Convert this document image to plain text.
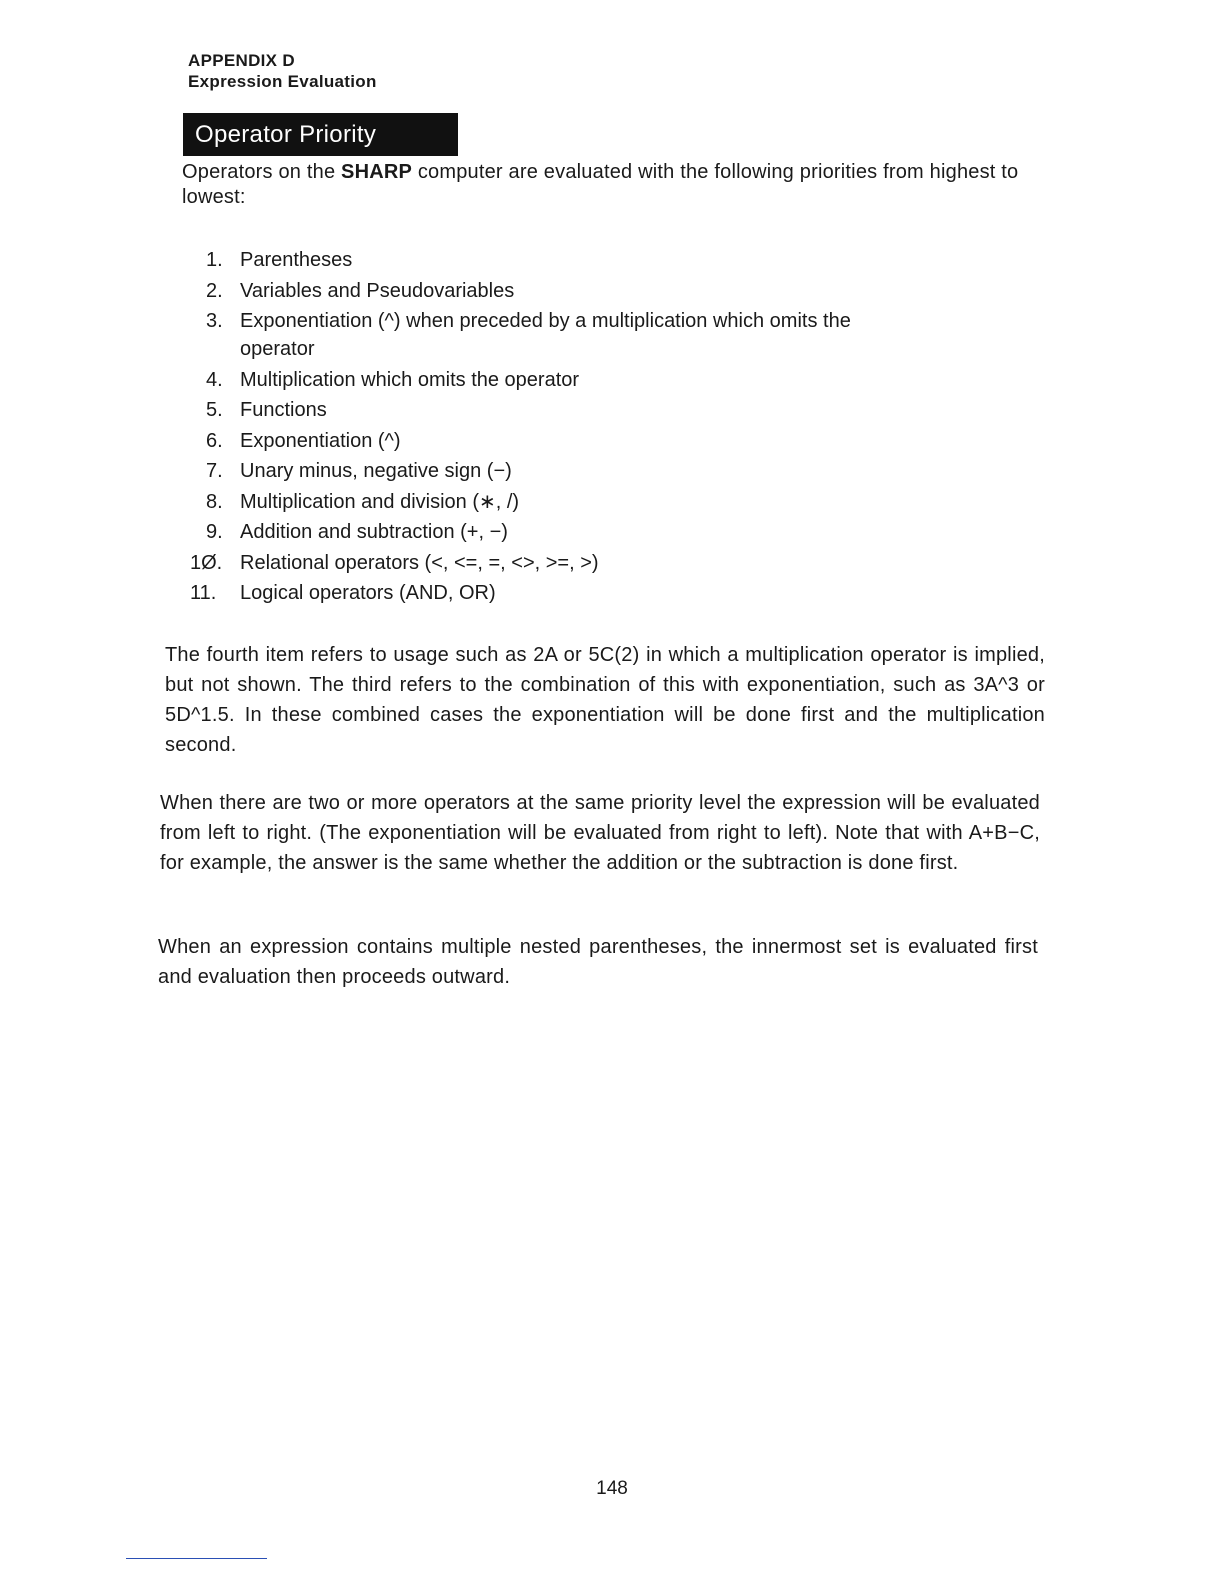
APPENDIX D
Expression Evaluation
Operator Priority
Operators on the SHARP computer are evaluated with the following priorities from highest to lowest:
1. Parentheses
2. Variables and Pseudovariables
3. Exponentiation (^) when preceded by a multiplication which omits the
operator
4. Multiplication which omits the operator
5. Functions
6. Exponentiation (^)
7. Unary minus, negative sign (−)
8. Multiplication and division (∗, /)
9. Addition and subtraction (+, −)
1Ø. Relational operators (<, <=, =, <>, >=, >)
11. Logical operators (AND, OR)

The fourth item refers to usage such as 2A or 5C(2) in which a multiplication operator is implied, but not shown. The third refers to the combination of this with exponentiation, such as 3A^3 or 5D^1.5. In these combined cases the exponentiation will be done first and the multiplication second.

When there are two or more operators at the same priority level the expression will be evaluated from left to right. (The exponentiation will be evaluated from right to left). Note that with A+B−C, for example, the answer is the same whether the addition or the subtraction is done first.

When an expression contains multiple nested parentheses, the innermost set is evaluated first and evaluation then proceeds outward.

148
